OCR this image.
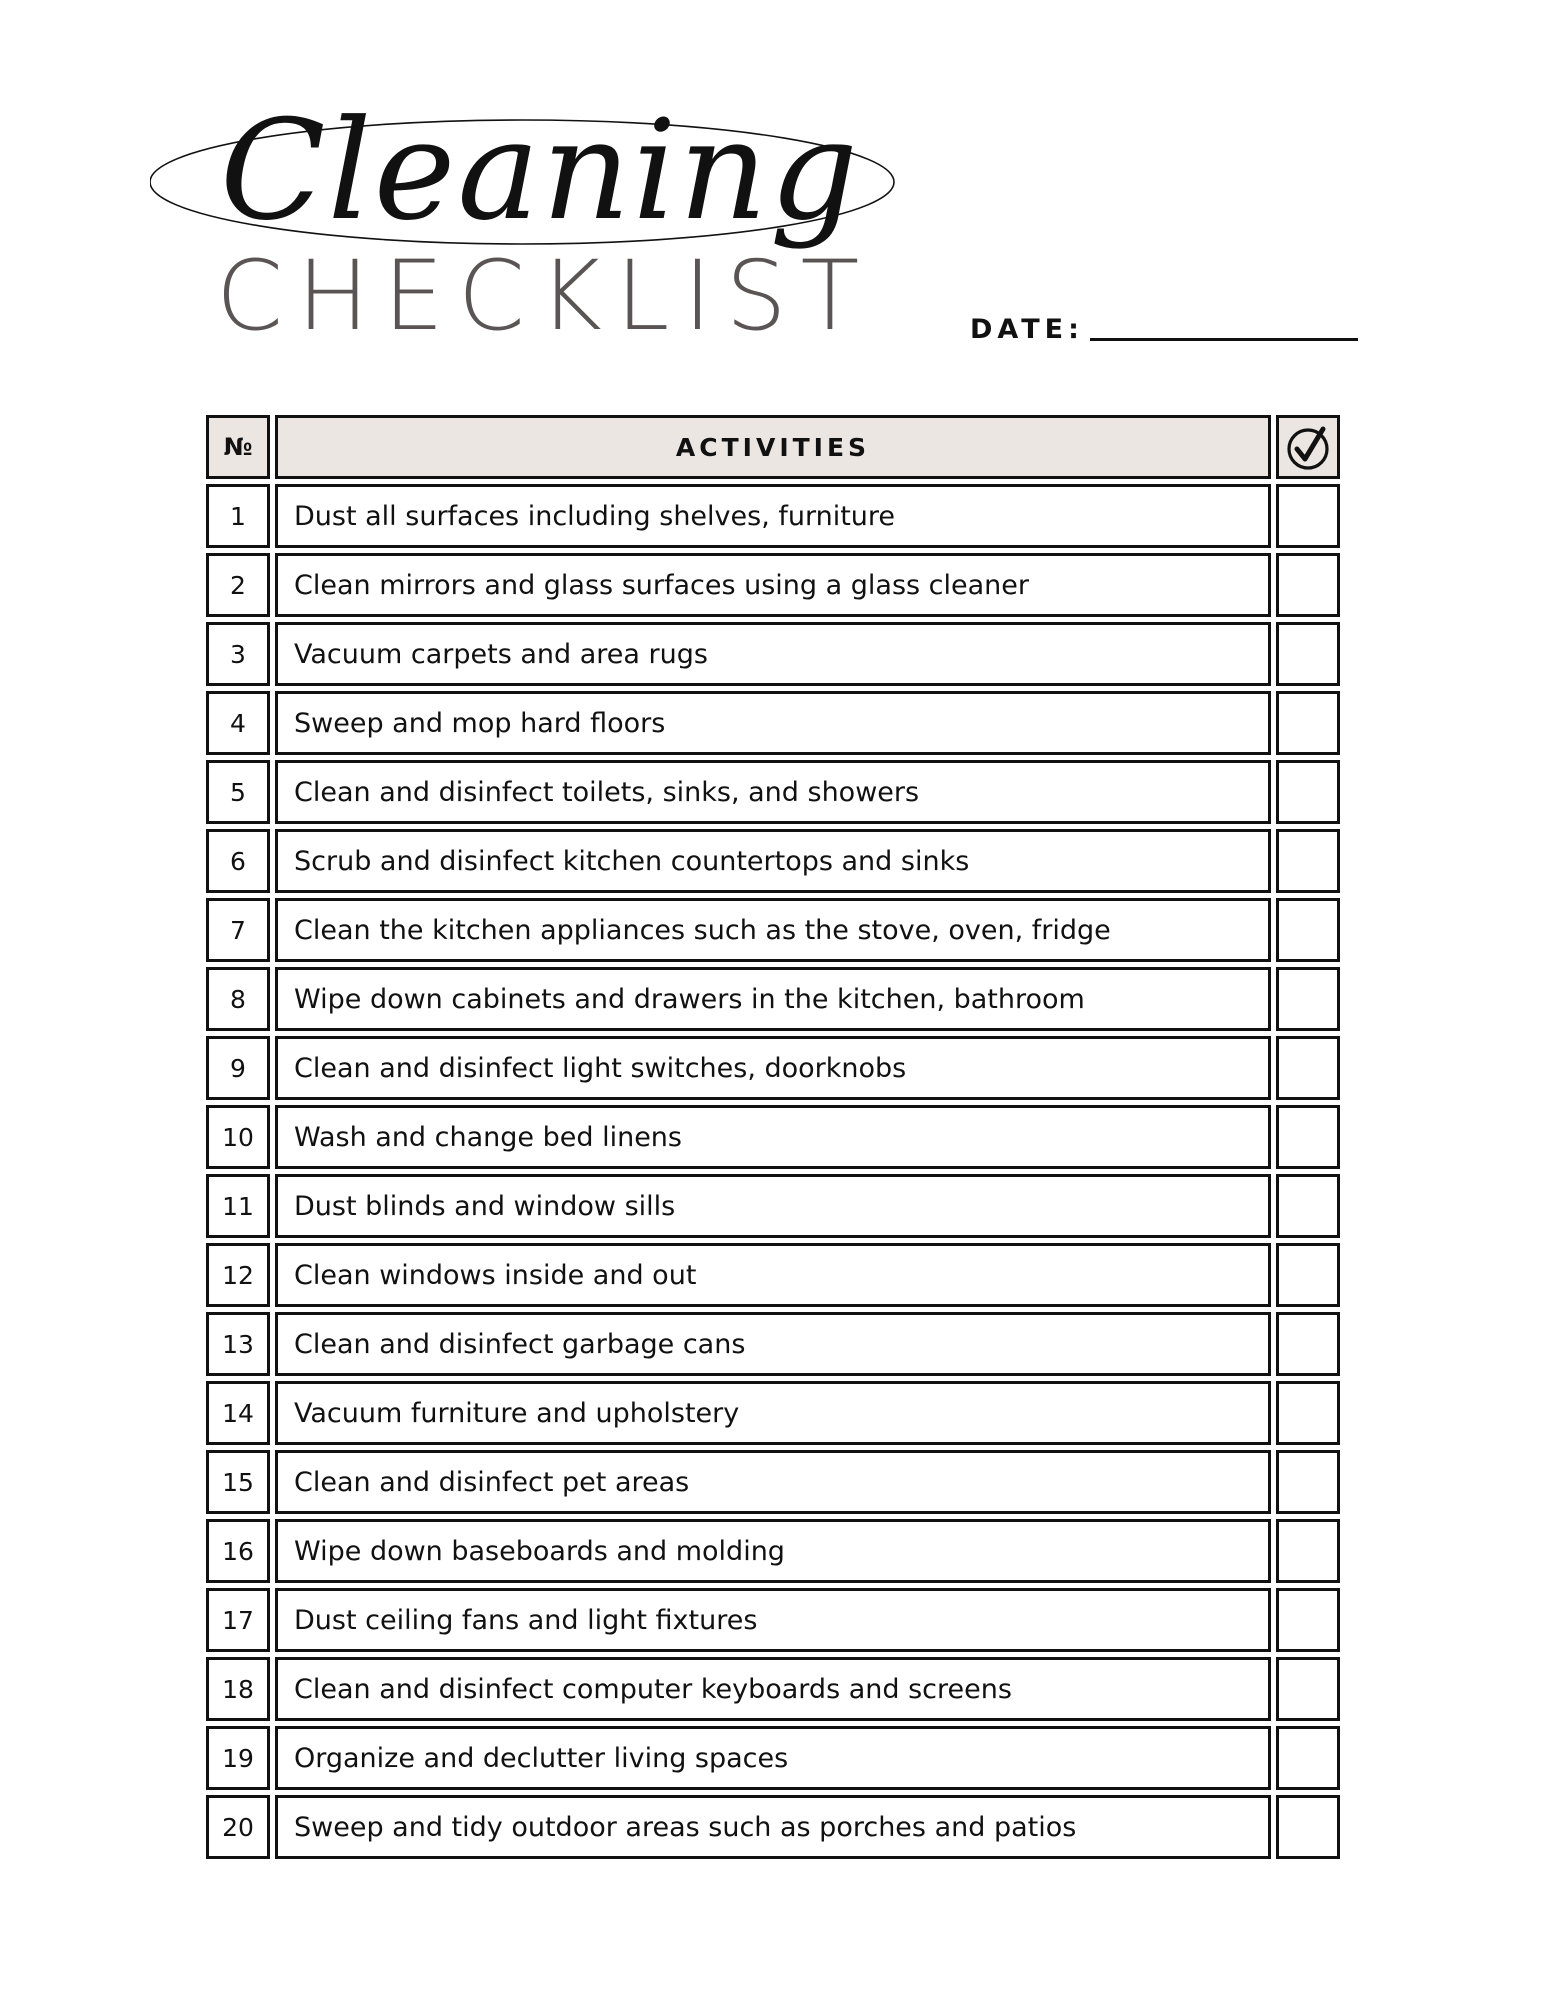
Cleaning
CHECKLIST	DATE:
№	ACTIVITIES
1	Dust all surfaces including shelves, furniture
2	Clean mirrors and glass surfaces using a glass cleaner
3	Vacuum carpets and area rugs
4	Sweep and mop hard floors
5	Clean and disinfect toilets, sinks, and showers
6	Scrub and disinfect kitchen countertops and sinks
7	Clean the kitchen appliances such as the stove, oven, fridge
8	Wipe down cabinets and drawers in the kitchen, bathroom
9	Clean and disinfect light switches, doorknobs
10	Wash and change bed linens
11	Dust blinds and window sills
12	Clean windows inside and out
13	Clean and disinfect garbage cans
14	Vacuum furniture and upholstery
15	Clean and disinfect pet areas
16	Wipe down baseboards and molding
17	Dust ceiling fans and light fixtures
18	Clean and disinfect computer keyboards and screens
19	Organize and declutter living spaces
20	Sweep and tidy outdoor areas such as porches and patios
